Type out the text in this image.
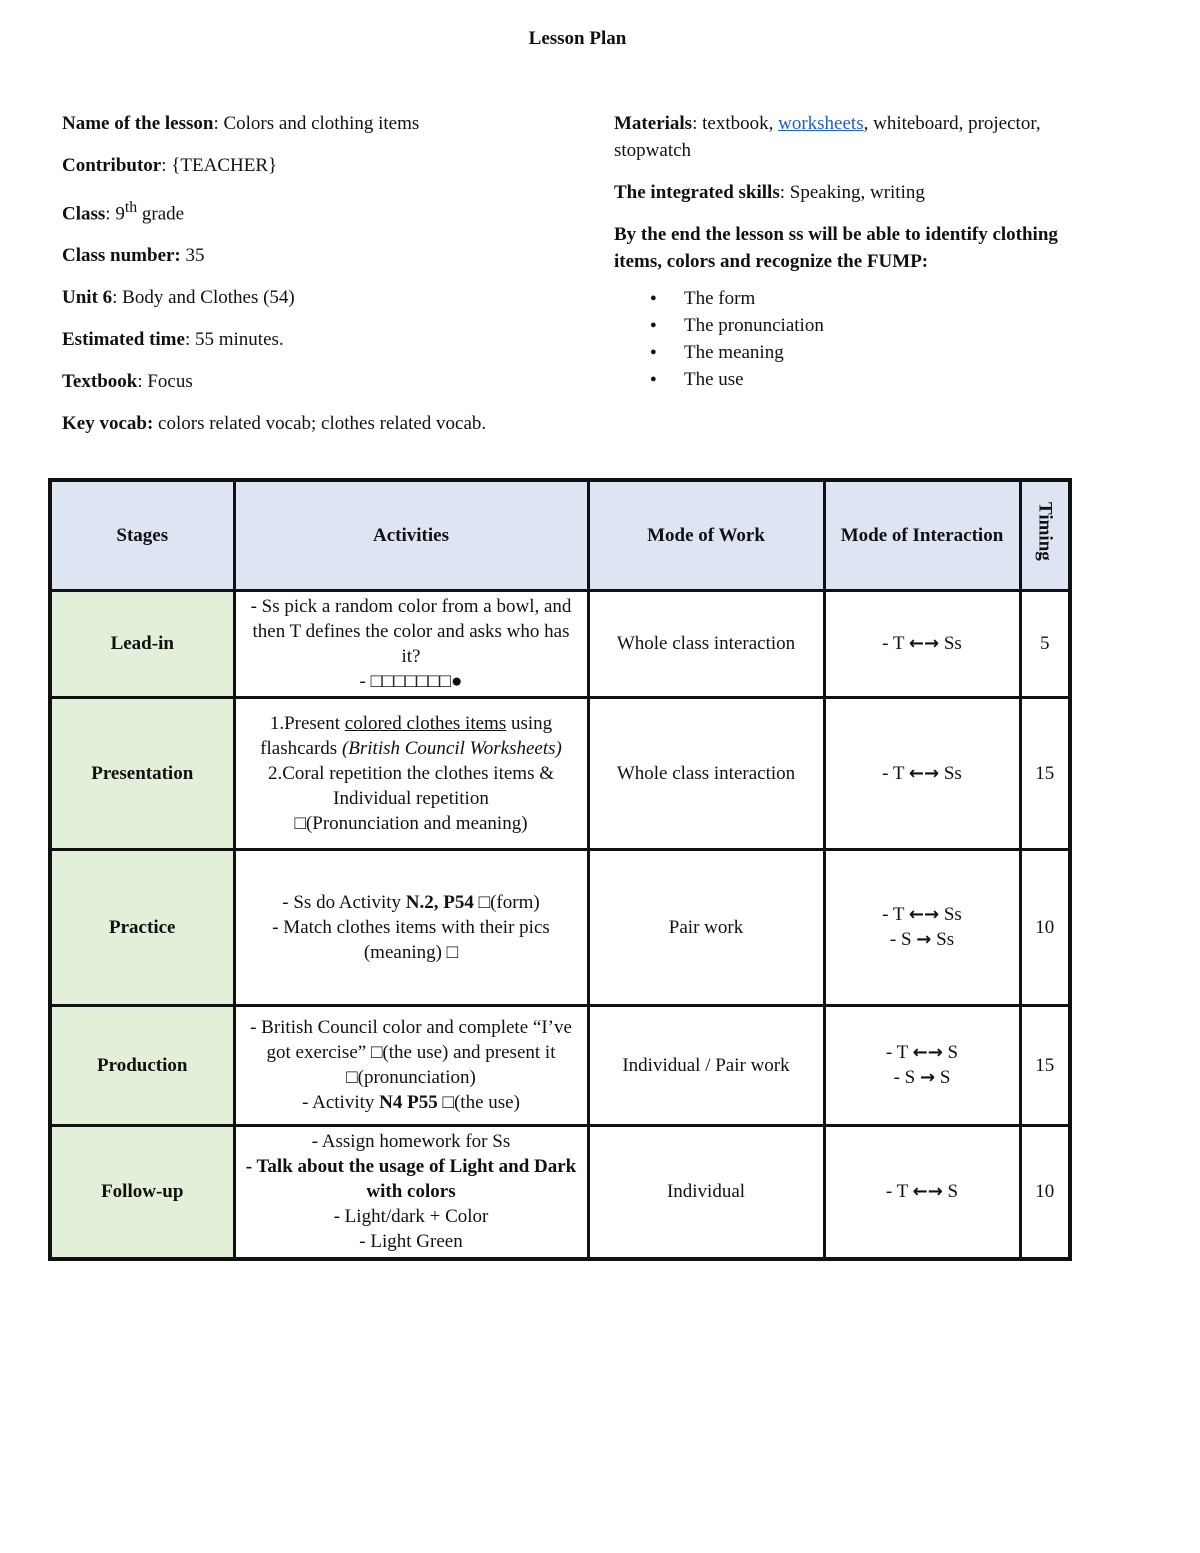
Lesson Plan
Name of the lesson: Colors and clothing items
Contributor: {TEACHER}
Class: 9th grade
Class number: 35
Unit 6: Body and Clothes (54)
Estimated time: 55 minutes.
Textbook: Focus
Key vocab: colors related vocab; clothes related vocab.
Materials: textbook, worksheets, whiteboard, projector, stopwatch
The integrated skills: Speaking, writing
By the end the lesson ss will be able to identify clothing items, colors and recognize the FUMP:
● The form
● The pronunciation
● The meaning
● The use
Stages	Activities	Mode of Work	Mode of Interaction	Timing
Lead-in	- Ss pick a random color from a bowl, and then T defines the color and asks who has it?
- □□□□□□□●	Whole class interaction	- T ←→ Ss	5
Presentation	1.Present colored clothes items using flashcards (British Council Worksheets)
2.Coral repetition the clothes items & Individual repetition
□(Pronunciation and meaning)	Whole class interaction	- T ←→ Ss	15
Practice	- Ss do Activity N.2, P54 □(form)
- Match clothes items with their pics (meaning) □	Pair work	- T ←→ Ss
- S → Ss	10
Production	- British Council color and complete “I’ve got exercise” □(the use) and present it □(pronunciation)
- Activity N4 P55 □(the use)	Individual / Pair work	- T ←→ S
- S → S	15
Follow-up	- Assign homework for Ss
- Talk about the usage of Light and Dark with colors
- Light/dark + Color
- Light Green	Individual	- T ←→ S	10
